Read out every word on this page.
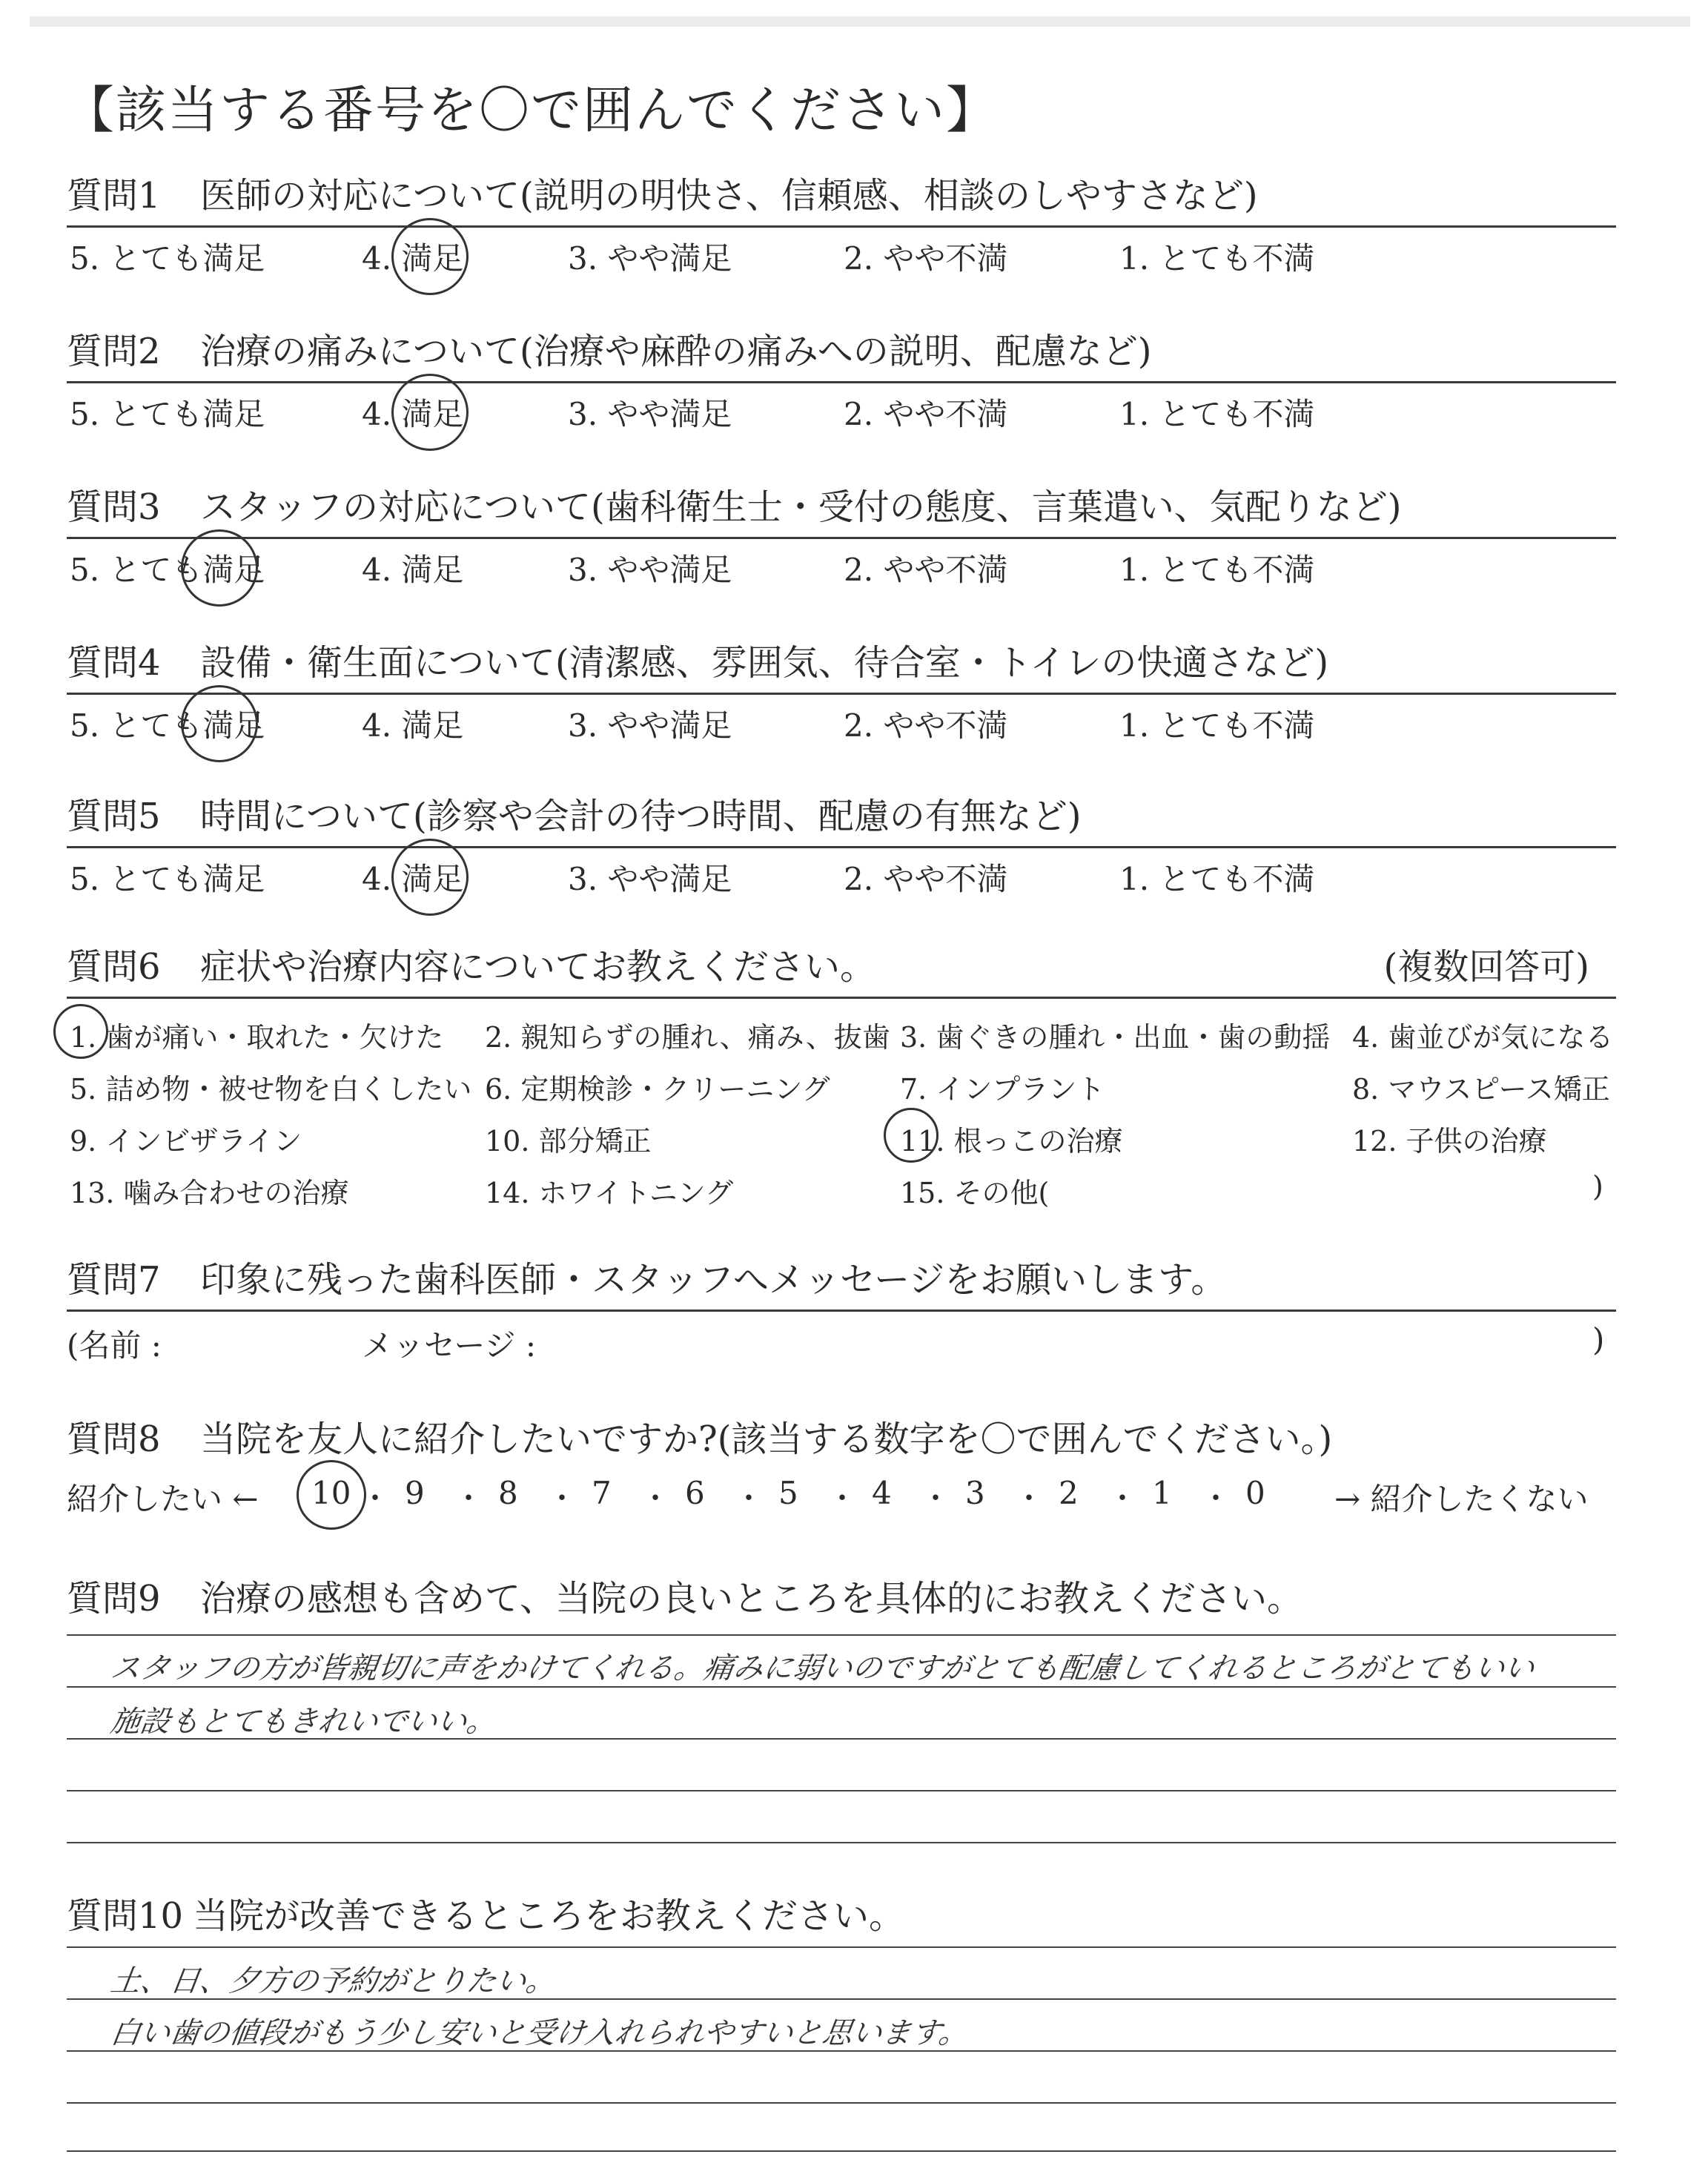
【該当する番号を〇で囲んでください】
質問1 医師の対応について(説明の明快さ、信頼感、相談のしやすさなど)
5. とても満足	4. 満足	3. やや満足	2. やや不満	1. とても不満
質問2 治療の痛みについて(治療や麻酔の痛みへの説明、配慮など)
5. とても満足	4. 満足	3. やや満足	2. やや不満	1. とても不満
質問3 スタッフの対応について(歯科衛生士・受付の態度、言葉遣い、気配りなど)
5. とても満足	4. 満足	3. やや満足	2. やや不満	1. とても不満
質問4 設備・衛生面について(清潔感、雰囲気、待合室・トイレの快適さなど)
5. とても満足	4. 満足	3. やや満足	2. やや不満	1. とても不満
質問5 時間について(診察や会計の待つ時間、配慮の有無など)
5. とても満足	4. 満足	3. やや満足	2. やや不満	1. とても不満
質問6 症状や治療内容についてお教えください。	(複数回答可)
1. 歯が痛い・取れた・欠けた 2. 親知らずの腫れ、痛み、抜歯 3. 歯ぐきの腫れ・出血・歯の動揺 4. 歯並びが気になる
5. 詰め物・被せ物を白くしたい 6. 定期検診・クリーニング 7. インプラント	8. マウスピース矯正
9. インビザライン	10. 部分矯正	11. 根っこの治療	12. 子供の治療
13. 噛み合わせの治療	14. ホワイトニング	15. その他(	)
質問7 印象に残った歯科医師・スタッフへメッセージをお願いします。
(名前 :	メッセージ :	)
質問8 当院を友人に紹介したいですか?(該当する数字を〇で囲んでください。)
紹介したい ←	→ 紹介したくない
10 ・ 9 ・ 8 ・ 7 ・ 6 ・ 5 ・ 4 ・ 3 ・ 2 ・ 1 ・ 0
質問9 治療の感想も含めて、当院の良いところを具体的にお教えください。
スタッフの方が皆親切に声をかけてくれる。痛みに弱いのですがとても配慮してくれるところがとてもいい
施設もとてもきれいでいい。
質問10 当院が改善できるところをお教えください。
土、日、夕方の予約がとりたい。
白い歯の値段がもう少し安いと受け入れられやすいと思います。
